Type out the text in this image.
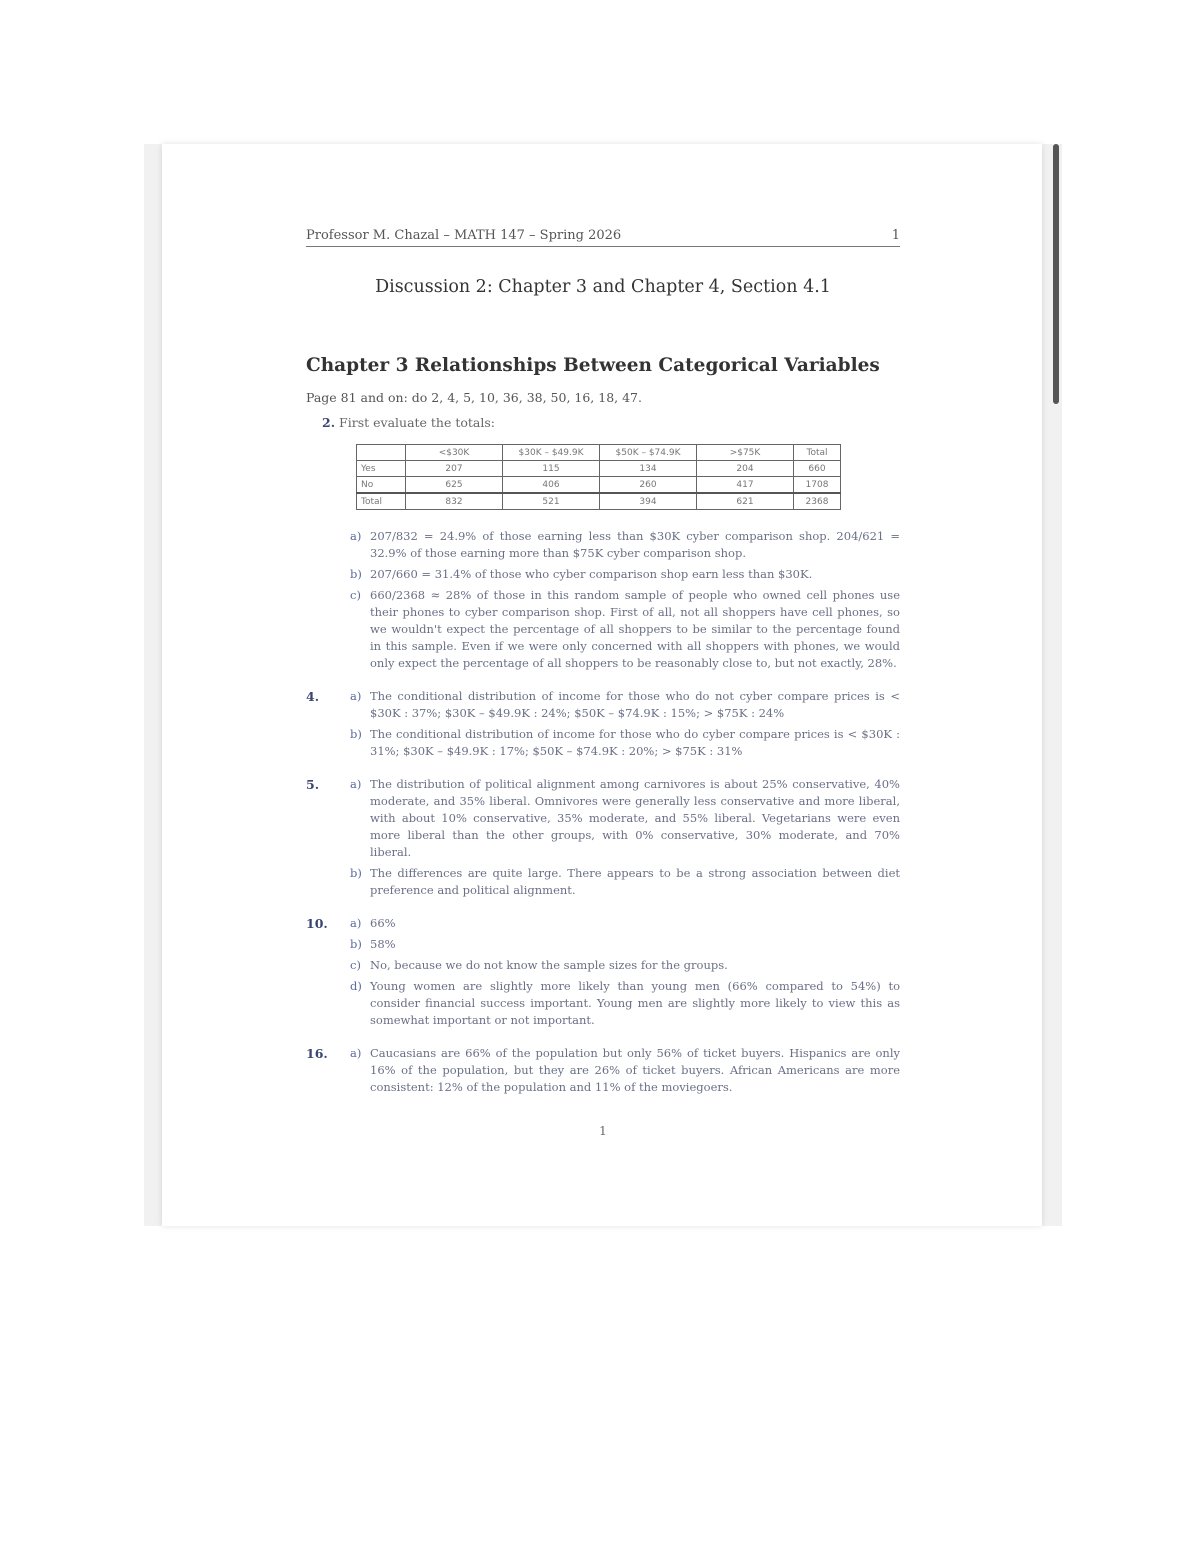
Professor M. Chazal – MATH 147 – Spring 2026	1
Discussion 2: Chapter 3 and Chapter 4, Section 4.1
Chapter 3 Relationships Between Categorical Variables
Page 81 and on: do 2, 4, 5, 10, 36, 38, 50, 16, 18, 47.
2. First evaluate the totals:
	<$30K	$30K – $49.9K	$50K – $74.9K	>$75K	Total
Yes	207	115	134	204	660
No	625	406	260	417	1708
Total	832	521	394	621	2368
a) 207/832 = 24.9% of those earning less than $30K cyber comparison shop. 204/621 = 32.9% of those earning more than $75K cyber comparison shop.
b) 207/660 = 31.4% of those who cyber comparison shop earn less than $30K.
c) 660/2368 ≈ 28% of those in this random sample of people who owned cell phones use their phones to cyber comparison shop. First of all, not all shoppers have cell phones, so we wouldn't expect the percentage of all shoppers to be similar to the percentage found in this sample. Even if we were only concerned with all shoppers with phones, we would only expect the percentage of all shoppers to be reasonably close to, but not exactly, 28%.
4.	a) The conditional distribution of income for those who do not cyber compare prices is < $30K : 37%; $30K – $49.9K : 24%; $50K – $74.9K : 15%; > $75K : 24%
b) The conditional distribution of income for those who do cyber compare prices is < $30K : 31%; $30K – $49.9K : 17%; $50K – $74.9K : 20%; > $75K : 31%
5.	a) The distribution of political alignment among carnivores is about 25% conservative, 40% moderate, and 35% liberal. Omnivores were generally less conservative and more liberal, with about 10% conservative, 35% moderate, and 55% liberal. Vegetarians were even more liberal than the other groups, with 0% conservative, 30% moderate, and 70% liberal.
b) The differences are quite large. There appears to be a strong association between diet preference and political alignment.
10.	a) 66%
b) 58%
c) No, because we do not know the sample sizes for the groups.
d) Young women are slightly more likely than young men (66% compared to 54%) to consider financial success important. Young men are slightly more likely to view this as somewhat important or not important.
16.	a) Caucasians are 66% of the population but only 56% of ticket buyers. Hispanics are only 16% of the population, but they are 26% of ticket buyers. African Americans are more consistent: 12% of the population and 11% of the moviegoers.
1
